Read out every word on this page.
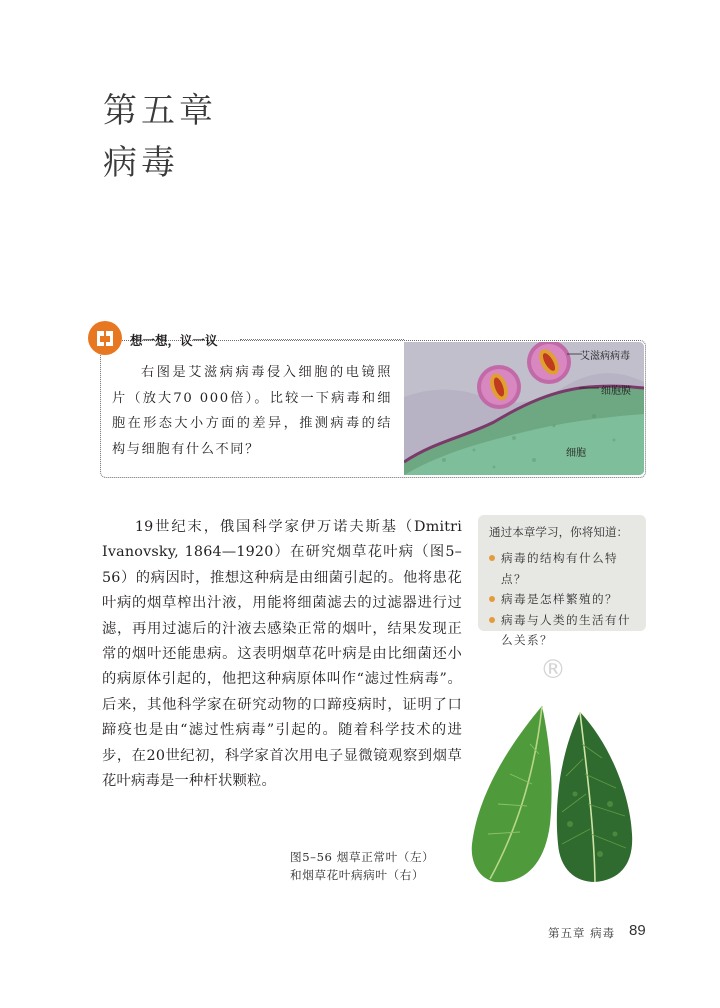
第五章
病毒
想一想，议一议
右图是艾滋病病毒侵入细胞的电镜照片（放大70 000倍）。比较一下病毒和细胞在形态大小方面的差异，推测病毒的结构与细胞有什么不同？
艾滋病病毒
细胞膜
细胞

19世纪末，俄国科学家伊万诺夫斯基（Dmitri Ivanovsky, 1864—1920）在研究烟草花叶病（图5–56）的病因时，推想这种病是由细菌引起的。他将患花叶病的烟草榨出汁液，用能将细菌滤去的过滤器进行过滤，再用过滤后的汁液去感染正常的烟叶，结果发现正常的烟叶还能患病。这表明烟草花叶病是由比细菌还小的病原体引起的，他把这种病原体叫作“滤过性病毒”。后来，其他科学家在研究动物的口蹄疫病时，证明了口蹄疫也是由“滤过性病毒”引起的。随着科学技术的进步，在20世纪初，科学家首次用电子显微镜观察到烟草花叶病毒是一种杆状颗粒。

通过本章学习，你将知道：
病毒的结构有什么特点？
病毒是怎样繁殖的？
病毒与人类的生活有什么关系？
®
图5–56 烟草正常叶（左）
和烟草花叶病病叶（右）
第五章 病毒 89
